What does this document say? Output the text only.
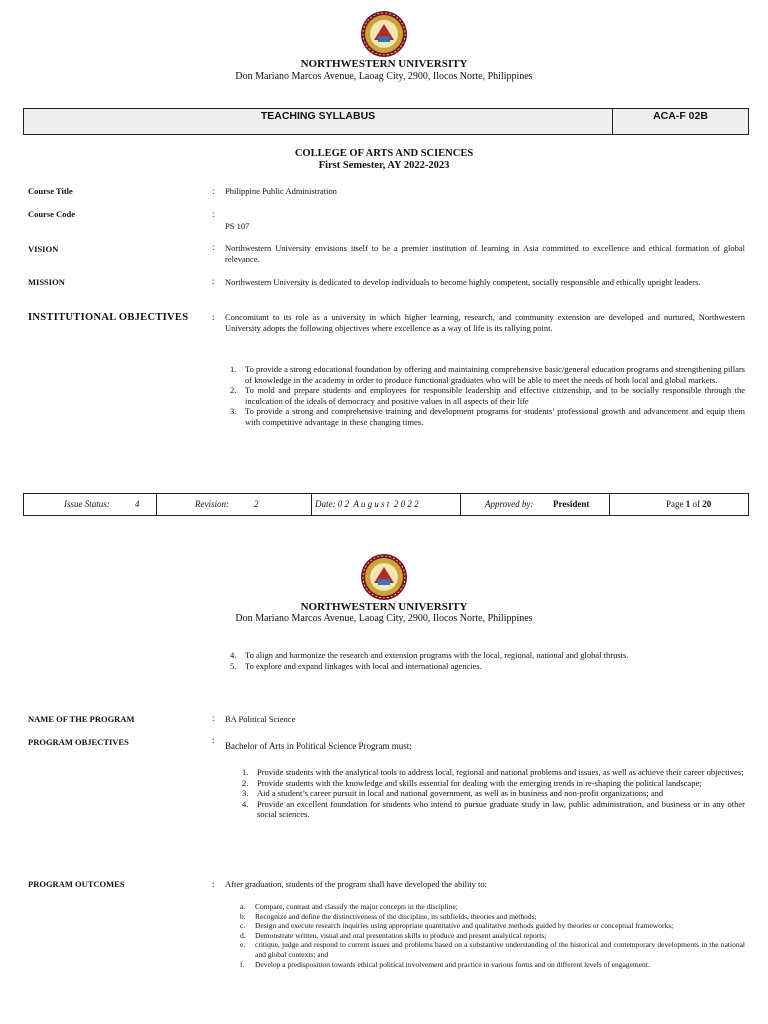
NORTHWESTERN UNIVERSITY
Don Mariano Marcos Avenue, Laoag City, 2900, Ilocos Norte, Philippines
TEACHING SYLLABUS	ACA-F 02B
COLLEGE OF ARTS AND SCIENCES
First Semester, AY 2022-2023
Course Title	: Philippine Public Administration
Course Code	:
PS 107
VISION	: Northwestern University envisions itself to be a premier institution of learning in Asia committed to excellence and ethical formation of global relevance.
MISSION	: Northwestern University is dedicated to develop individuals to become highly competent, socially responsible and ethically upright leaders.
INSTITUTIONAL OBJECTIVES	: Concomitant to its role as a university in which higher learning, research, and community extension are developed and nurtured, Northwestern University adopts the following objectives where excellence as a way of life is its rallying point.
1. To provide a strong educational foundation by offering and maintaining comprehensive basic/general education programs and strengthening pillars of knowledge in the academy in order to produce functional graduates who will be able to meet the needs of both local and global markets.
2. To mold and prepare students and employees for responsible leadership and effective citizenship, and to be socially responsible through the inculcation of the ideals of democracy and positive values in all aspects of their life
3. To provide a strong and comprehensive training and development programs for students’ professional growth and advancement and equip them with competitive advantage in these changing times.
Issue Status:	4	Revision:	2	Date: 0 2  A u g u s t  2 0 2 2	Approved by: President	Page 1 of 20
NORTHWESTERN UNIVERSITY
Don Mariano Marcos Avenue, Laoag City, 2900, Ilocos Norte, Philippines
4. To align and harmonize the research and extension programs with the local, regional, national and global thrusts.
5. To explore and expand linkages with local and international agencies.
NAME OF THE PROGRAM	: BA Political Science
PROGRAM OBJECTIVES	:
Bachelor of Arts in Political Science Program must:
1. Provide students with the analytical tools to address local, regional and national problems and issues, as well as achieve their career objectives;
2. Provide students with the knowledge and skills essential for dealing with the emerging trends in re-shaping the political landscape;
3. Aid a student’s career pursuit in local and national government, as well as in business and non-profit organizations; and
4. Provide an excellent foundation for students who intend to pursue graduate study in law, public administration, and business or in any other social sciences.
PROGRAM OUTCOMES	: After graduation, students of the program shall have developed the ability to:
a. Compare, contrast and classify the major concepts in the discipline;
b. Recognize and define the distinctiveness of the discipline, its subfields, theories and methods;
c. Design and execute research inquiries using appropriate quantitative and qualitative methods guided by theories or conceptual frameworks;
d. Demonstrate written, visual and oral presentation skills to produce and present analytical reports;
e. critique, judge and respond to current issues and problems based on a substantive understanding of the historical and contemporary developments in the national and global contexts; and
f. Develop a predisposition towards ethical political involvement and practice in various forms and on different levels of engagement.
